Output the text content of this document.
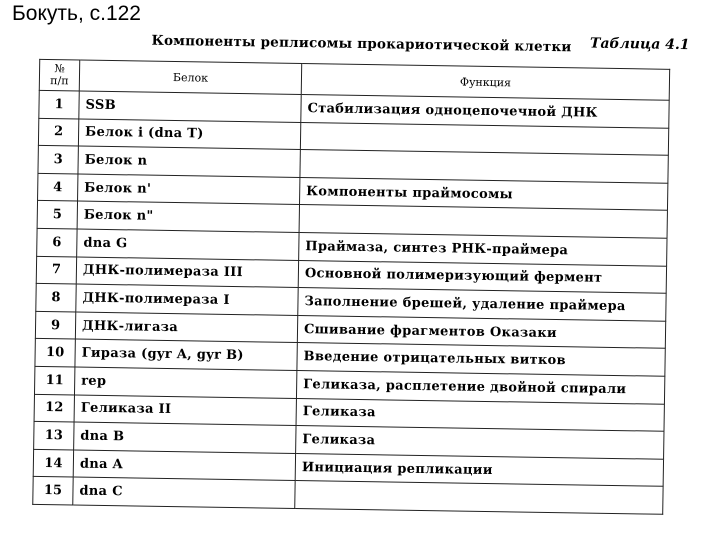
Бокуть, с.122
Таблица 4.1
Компоненты реплисомы прокариотической клетки
№
п/п	Белок	Функция
1	SSB	Стабилизация одноцепочечной ДНК
2	Белок i (dna T)	
3	Белок n	
4	Белок n'	Компоненты праймосомы
5	Белок n"	
6	dna G	Праймаза, синтез РНК-праймера
7	ДНК-полимераза III	Основной полимеризующий фермент
8	ДНК-полимераза I	Заполнение брешей, удаление праймера
9	ДНК-лигаза	Сшивание фрагментов Оказаки
10	Гираза (gyr A, gyr B)	Введение отрицательных витков
11	rep	Геликаза, расплетение двойной спирали
12	Геликаза II	Геликаза
13	dna B	Геликаза
14	dna A	Инициация репликации
15	dna C	
